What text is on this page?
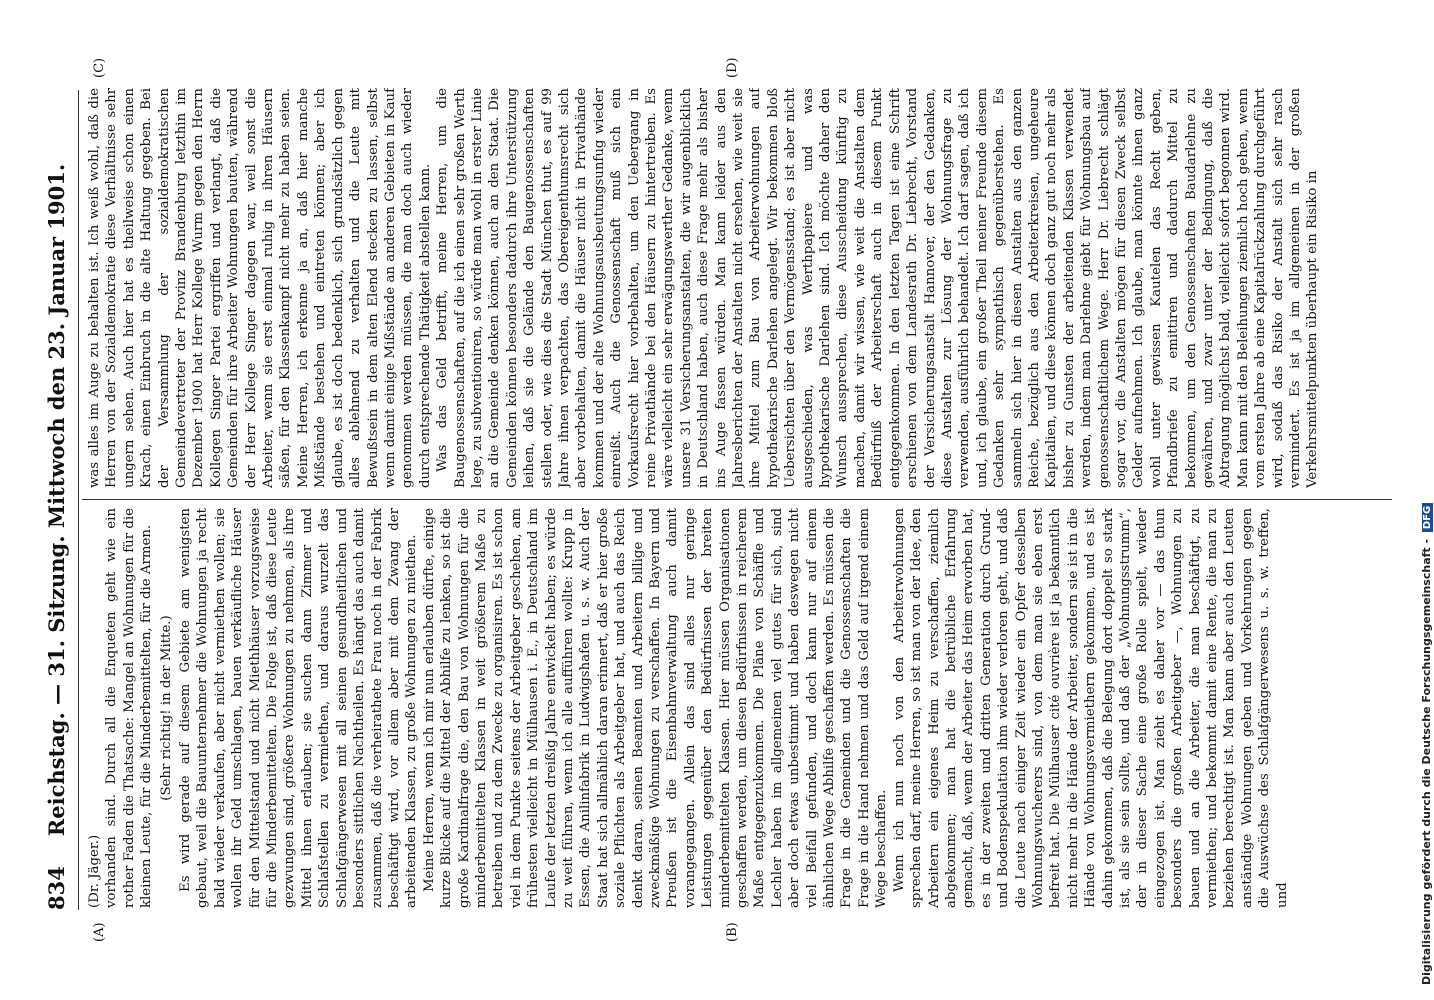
834
Reichstag. — 31. Sitzung. Mittwoch den 23. Januar 1901.
(A)	(B)
(C)	(D)

(Dr. Jäger.) vorhanden sind. Durch all die Enqueten geht wie ein rother Faden die Thatsache: Mangel an Wohnungen für die kleinen Leute, für die Minderbemittelten, für die Armen. (Sehr richtig! in der Mitte.) Es wird gerade auf diesem Gebiete am wenigsten gebaut, weil die Bauunternehmer die Wohnungen ja recht bald wieder verkaufen, aber nicht vermiethen wollen; sie wollen ihr Geld umschlagen, bauen verkäufliche Häuser für den Mittelstand und nicht Miethhäuser vorzugsweise für die Minderbemittelten. Die Folge ist, daß diese Leute gezwungen sind, größere Wohnungen zu nehmen, als ihre Mittel ihnen erlauben; sie suchen dann Zimmer und Schlafstellen zu vermiethen, und daraus wurzelt das Schlafgängerwesen mit all seinen gesundheitlichen und besonders sittlichen Nachtheilen. Es hängt das auch damit zusammen, daß die verheirathete Frau noch in der Fabrik beschäftigt wird, vor allem aber mit dem Zwang der arbeitenden Klassen, zu große Wohnungen zu miethen. Meine Herren, wenn ich mir nun erlauben dürfte, einige kurze Blicke auf die Mittel der Abhilfe zu lenken, so ist die große Kardinalfrage die, den Bau von Wohnungen für die minderbemittelten Klassen in weit größerem Maße zu betreiben und zu dem Zwecke zu organisiren. Es ist schon viel in dem Punkte seitens der Arbeitgeber geschehen, am frühesten vielleicht in Mülhausen i. E., in Deutschland im Laufe der letzten dreißig Jahre entwickelt haben; es würde zu weit führen, wenn ich alle aufführen wollte: Krupp in Essen, die Anilinfabrik in Ludwigshafen u. s. w. Auch der Staat hat sich allmählich daran erinnert, daß er hier große soziale Pflichten als Arbeitgeber hat, und auch das Reich denkt daran, seinen Beamten und Arbeitern billige und zweckmäßige Wohnungen zu verschaffen. In Bayern und Preußen ist die Eisenbahnverwaltung auch damit vorangegangen. Allein das sind alles nur geringe Leistungen gegenüber den Bedürfnissen der breiten minderbemittelten Klassen. Hier müssen Organisationen geschaffen werden, um diesen Bedürfnissen in reicherem Maße entgegenzukommen. Die Pläne von Schäffle und Lechler haben im allgemeinen viel gutes für sich, sind aber doch etwas unbestimmt und haben deswegen nicht viel Beifall gefunden, und doch kann nur auf einem ähnlichen Wege Abhilfe geschaffen werden. Es müssen die Frage in die Gemeinden und die Genossenschaften die Frage in die Hand nehmen und das Geld auf irgend einem Wege beschaffen. Wenn ich nun noch von den Arbeiterwohnungen sprechen darf, meine Herren, so ist man von der Idee, den Arbeitern ein eigenes Heim zu verschaffen, ziemlich abgekommen; man hat die betrübliche Erfahrung gemacht, daß, wenn der Arbeiter das Heim erworben hat, es in der zweiten und dritten Generation durch Grund- und Bodenspekulation ihm wieder verloren geht, und daß die Leute nach einiger Zeit wieder ein Opfer desselben Wohnungswucherers sind, von dem man sie eben erst befreit hat. Die Mülhauser cité ouvrière ist ja bekanntlich nicht mehr in die Hände der Arbeiter, sondern sie ist in die Hände von Wohnungsvermiethern gekommen, und es ist dahin gekommen, daß die Belegung dort doppelt so stark ist, als sie sein sollte, und daß der „Wohnungsstrumm“, der in dieser Sache eine große Rolle spielt, wieder eingezogen ist. Man zieht es daher vor — das thun besonders die großen Arbeitgeber —, Wohnungen zu bauen und an die Arbeiter, die man beschäftigt, zu vermiethen; und bekommt damit eine Rente, die man zu beziehen berechtigt ist. Man kann aber auch den Leuten anständige Wohnungen geben und Vorkehrungen gegen die Auswüchse des Schlafgängerwesens u. s. w. treffen, und

was alles im Auge zu behalten ist. Ich weiß wohl, daß die Herren von der Sozialdemokratie diese Verhältnisse sehr ungern sehen. Auch hier hat es theilweise schon einen Krach, einen Einbruch in die alte Haltung gegeben. Bei der Versammlung der sozialdemokratischen Gemeindevertreter der Provinz Brandenburg letzthin im Dezember 1900 hat Herr Kollege Wurm gegen den Herrn Kollegen Singer Partei ergriffen und verlangt, daß die Gemeinden für ihre Arbeiter Wohnungen bauten, während der Herr Kollege Singer dagegen war, weil sonst die Arbeiter, wenn sie erst einmal ruhig in ihren Häusern säßen, für den Klassenkampf nicht mehr zu haben seien. Meine Herren, ich erkenne ja an, daß hier manche Mißstände bestehen und eintreten können; aber ich glaube, es ist doch bedenklich, sich grundsätzlich gegen alles ablehnend zu verhalten und die Leute mit Bewußtsein in dem alten Elend stecken zu lassen, selbst wenn damit einige Mißstände an anderen Gebieten in Kauf genommen werden müssen, die man doch auch wieder durch entsprechende Thätigkeit abstellen kann. Was das Geld betrifft, meine Herren, um die Baugenossenschaften, auf die ich einen sehr großen Werth lege, zu subventioniren, so würde man wohl in erster Linie an die Gemeinde denken können, auch an den Staat. Die Gemeinden können besonders dadurch ihre Unterstützung leihen, daß sie die Gelände den Baugenossenschaften stellen oder, wie dies die Stadt München thut, es auf 99 Jahre ihnen verpachten, das Obereigenthumsrecht sich aber vorbehalten, damit die Häuser nicht in Privathände kommen und der alte Wohnungsausbeutungsunfug wieder einreißt. Auch die Genossenschaft muß sich ein Vorkaufsrecht hier vorbehalten, um den Uebergang in reine Privathände bei den Häusern zu hintertreiben. Es wäre vielleicht ein sehr erwägungswerther Gedanke, wenn unsere 31 Versicherungsanstalten, die wir augenblicklich in Deutschland haben, auch diese Frage mehr als bisher ins Auge fassen würden. Man kann leider aus den Jahresberichten der Anstalten nicht ersehen, wie weit sie ihre Mittel zum Bau von Arbeiterwohnungen auf hypothekarische Darlehen angelegt. Wir bekommen bloß Uebersichten über den Vermögensstand; es ist aber nicht ausgeschieden, was Werthpapiere und was hypothekarische Darlehen sind. Ich möchte daher den Wunsch aussprechen, diese Ausscheidung künftig zu machen, damit wir wissen, wie weit die Anstalten dem Bedürfniß der Arbeiterschaft auch in diesem Punkt entgegenkommen. In den letzten Tagen ist eine Schrift erschienen von dem Landesrath Dr. Liebrecht, Vorstand der Versicherungsanstalt Hannover, der den Gedanken, diese Anstalten zur Lösung der Wohnungsfrage zu verwenden, ausführlich behandelt. Ich darf sagen, daß ich und, ich glaube, ein großer Theil meiner Freunde diesem Gedanken sehr sympathisch gegenüberstehen. Es sammeln sich hier in diesen Anstalten aus den ganzen Reiche, bezüglich aus den Arbeiterkreisen, ungeheure Kapitalien, und diese können doch ganz gut noch mehr als bisher zu Gunsten der arbeitenden Klassen verwendet werden, indem man Darlehne giebt für Wohnungsbau auf genossenschaftlichem Wege. Herr Dr. Liebrecht schlägt sogar vor, die Anstalten mögen für diesen Zweck selbst Gelder aufnehmen. Ich glaube, man könnte ihnen ganz wohl unter gewissen Kautelen das Recht geben, Pfandbriefe zu emittiren und dadurch Mittel zu bekommen, um den Genossenschaften Baudarlehne zu gewähren, und zwar unter der Bedingung, daß die Abtragung möglichst bald, vielleicht sofort begonnen wird. Man kann mit den Beleihungen ziemlich hoch gehen, wenn vom ersten Jahre ab eine Kapitalrückzahlung durchgeführt wird, sodaß das Risiko der Anstalt sich sehr rasch vermindert. Es ist ja im allgemeinen in der großen Verkehrsmittelpunkten überhaupt ein Risiko in

Digitalisierung gefördert durch die Deutsche Forschungsgemeinschaft - DFG
